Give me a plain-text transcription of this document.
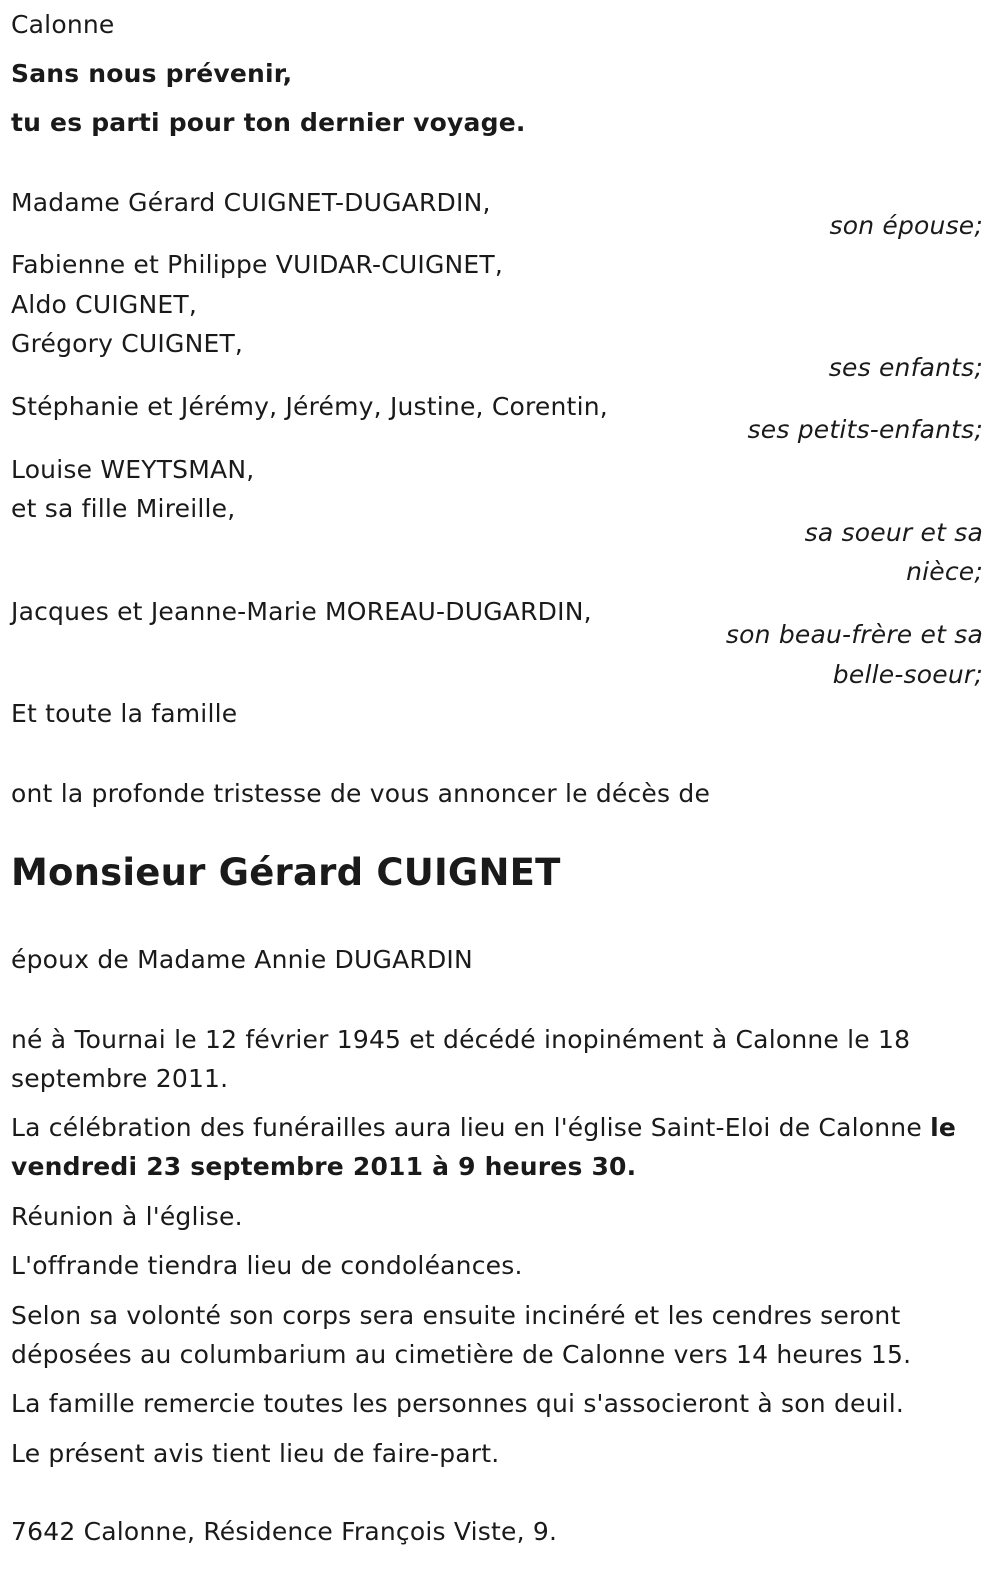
Calonne
Sans nous prévenir,
tu es parti pour ton dernier voyage.
Madame Gérard CUIGNET-DUGARDIN,
son épouse;
Fabienne et Philippe VUIDAR-CUIGNET,
Aldo CUIGNET,
Grégory CUIGNET,
ses enfants;
Stéphanie et Jérémy, Jérémy, Justine, Corentin,
ses petits-enfants;
Louise WEYTSMAN,
et sa fille Mireille,
sa soeur et sa
nièce;
Jacques et Jeanne-Marie MOREAU-DUGARDIN,
son beau-frère et sa
belle-soeur;
Et toute la famille
ont la profonde tristesse de vous annoncer le décès de
Monsieur Gérard CUIGNET
époux de Madame Annie DUGARDIN
né à Tournai le 12 février 1945 et décédé inopinément à Calonne le 18 septembre 2011.
La célébration des funérailles aura lieu en l'église Saint-Eloi de Calonne le vendredi 23 septembre 2011 à 9 heures 30.
Réunion à l'église.
L'offrande tiendra lieu de condoléances.
Selon sa volonté son corps sera ensuite incinéré et les cendres seront déposées au columbarium au cimetière de Calonne vers 14 heures 15.
La famille remercie toutes les personnes qui s'associeront à son deuil.
Le présent avis tient lieu de faire-part.
7642 Calonne, Résidence François Viste, 9.
